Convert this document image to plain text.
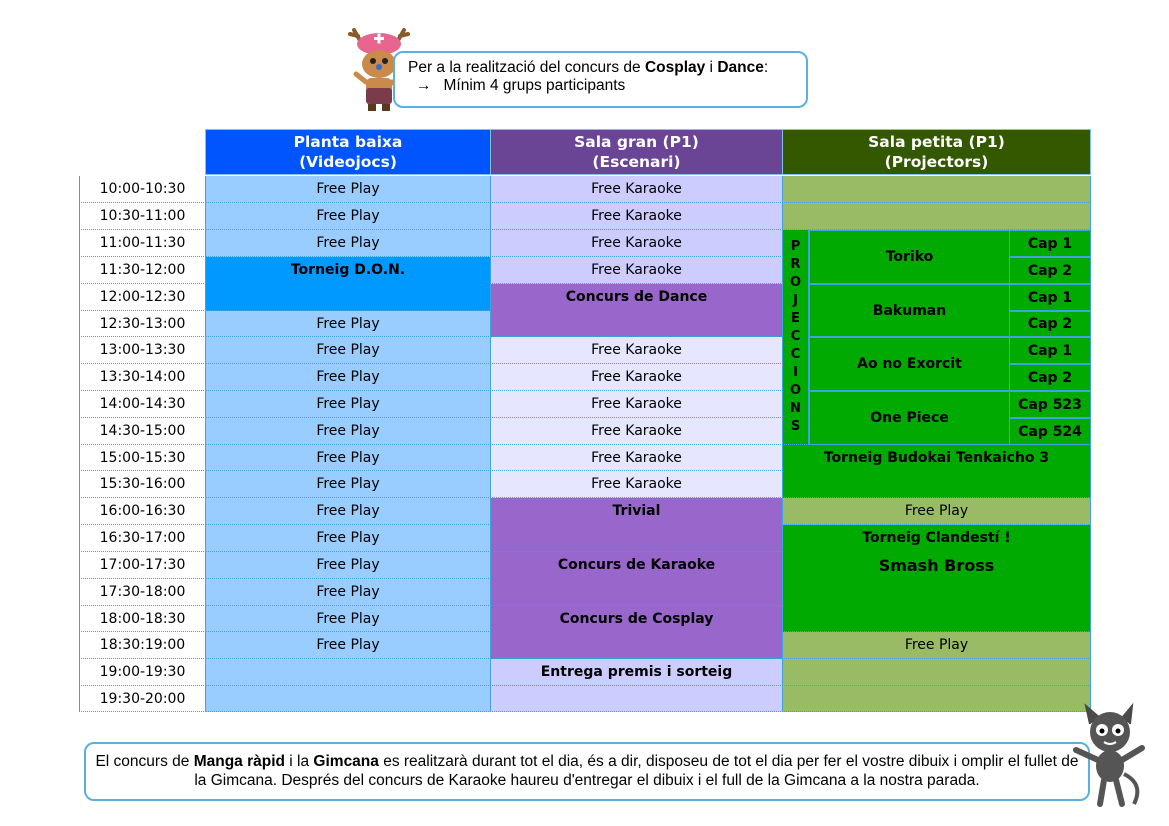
Per a la realització del concurs de Cosplay i Dance:
→ Mínim 4 grups participants
Planta baixa
(Videojocs)
Sala gran (P1)
(Escenari)
Sala petita (P1)
(Projectors)
10:00-10:30
10:30-11:00
11:00-11:30
11:30-12:00
12:00-12:30
12:30-13:00
13:00-13:30
13:30-14:00
14:00-14:30
14:30-15:00
15:00-15:30
15:30-16:00
16:00-16:30
16:30-17:00
17:00-17:30
17:30-18:00
18:00-18:30
18:30:19:00
19:00-19:30
19:30-20:00
Free Play
Free Play
Free Play
Torneig D.O.N.
Free Play
Free Play
Free Play
Free Play
Free Play
Free Play
Free Play
Free Play
Free Play
Free Play
Free Play
Free Play
Free Play
Free Karaoke
Free Karaoke
Free Karaoke
Free Karaoke
Concurs de Dance
Free Karaoke
Free Karaoke
Free Karaoke
Free Karaoke
Free Karaoke
Free Karaoke
Trivial
Concurs de Karaoke
Concurs de Cosplay
Entrega premis i sorteig
P
R
O
J
E
C
C
I
O
N
S
Toriko
Cap 1
Cap 2
Bakuman
Cap 1
Cap 2
Ao no Exorcit
Cap 1
Cap 2
One Piece
Cap 523
Cap 524
Torneig Budokai Tenkaicho 3
Free Play
Torneig Clandestí !
Smash Bross
Free Play
El concurs de Manga ràpid i la Gimcana es realitzarà durant tot el dia, és a dir, disposeu de tot el dia per fer el vostre dibuix i omplir el fullet de la Gimcana. Després del concurs de Karaoke haureu d'entregar el dibuix i el full de la Gimcana a la nostra parada.
